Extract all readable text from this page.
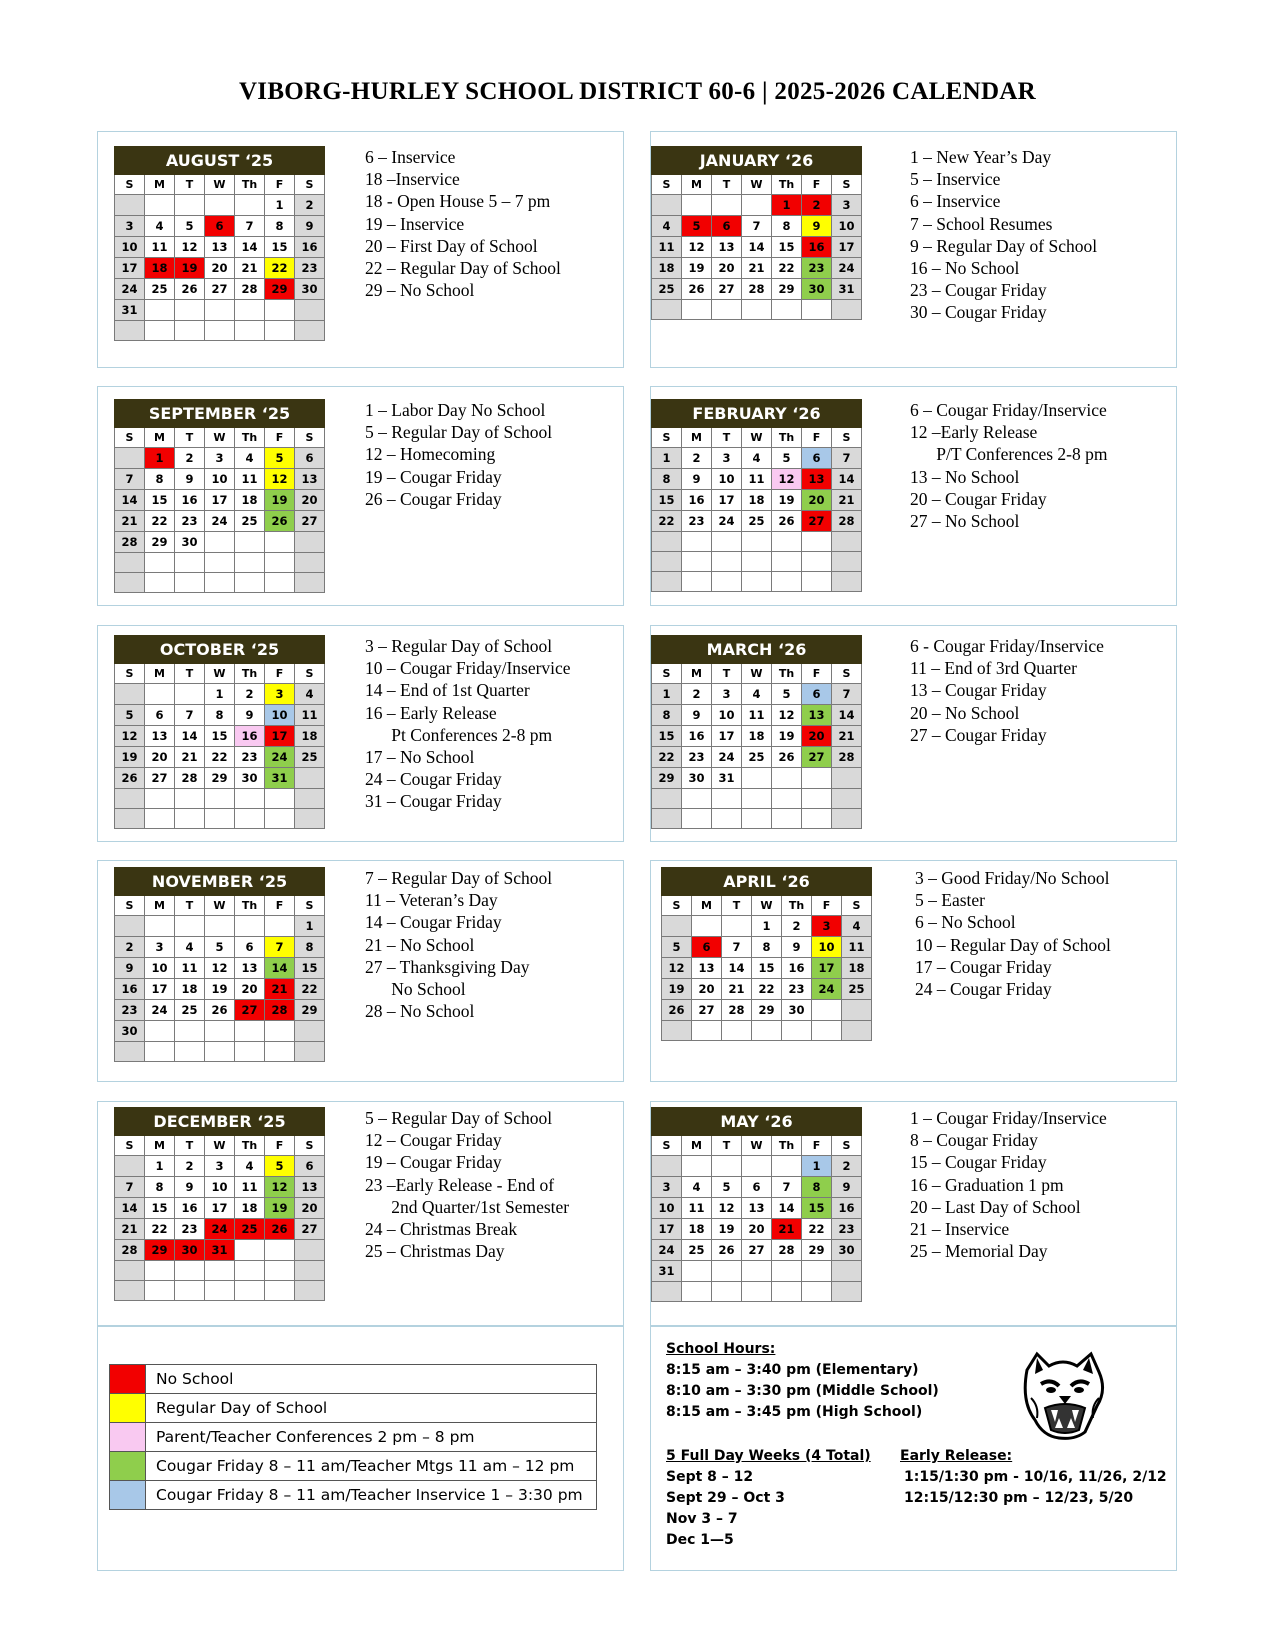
VIBORG-HURLEY SCHOOL DISTRICT 60-6 | 2025-2026 CALENDAR
AUGUST ‘25						
S	M	T	W	Th	F	S
					1	2
3	4	5	6	7	8	9
10	11	12	13	14	15	16
17	18	19	20	21	22	23
24	25	26	27	28	29	30
31						

6 – Inservice
18 –Inservice
18 - Open House 5 – 7 pm
19 – Inservice
20 – First Day of School
22 – Regular Day of School
29 – No School
JANUARY ‘26						
S	M	T	W	Th	F	S
				1	2	3
4	5	6	7	8	9	10
11	12	13	14	15	16	17
18	19	20	21	22	23	24
25	26	27	28	29	30	31

1 – New Year’s Day
5 – Inservice
6 – Inservice
7 – School Resumes
9 – Regular Day of School
16 – No School
23 – Cougar Friday
30 – Cougar Friday
SEPTEMBER ‘25						
S	M	T	W	Th	F	S
	1	2	3	4	5	6
7	8	9	10	11	12	13
14	15	16	17	18	19	20
21	22	23	24	25	26	27
28	29	30				

1 – Labor Day No School
5 – Regular Day of School
12 – Homecoming
19 – Cougar Friday
26 – Cougar Friday
FEBRUARY ‘26						
S	M	T	W	Th	F	S
1	2	3	4	5	6	7
8	9	10	11	12	13	14
15	16	17	18	19	20	21
22	23	24	25	26	27	28

6 – Cougar Friday/Inservice
12 –Early Release
P/T Conferences 2-8 pm
13 – No School
20 – Cougar Friday
27 – No School
OCTOBER ‘25						
S	M	T	W	Th	F	S
			1	2	3	4
5	6	7	8	9	10	11
12	13	14	15	16	17	18
19	20	21	22	23	24	25
26	27	28	29	30	31	

3 – Regular Day of School
10 – Cougar Friday/Inservice
14 – End of 1st Quarter
16 – Early Release
Pt Conferences 2-8 pm
17 – No School
24 – Cougar Friday
31 – Cougar Friday
MARCH ‘26						
S	M	T	W	Th	F	S
1	2	3	4	5	6	7
8	9	10	11	12	13	14
15	16	17	18	19	20	21
22	23	24	25	26	27	28
29	30	31				

6 - Cougar Friday/Inservice
11 – End of 3rd Quarter
13 – Cougar Friday
20 – No School
27 – Cougar Friday
NOVEMBER ‘25						
S	M	T	W	Th	F	S
						1
2	3	4	5	6	7	8
9	10	11	12	13	14	15
16	17	18	19	20	21	22
23	24	25	26	27	28	29
30						

7 – Regular Day of School
11 – Veteran’s Day
14 – Cougar Friday
21 – No School
27 – Thanksgiving Day
No School
28 – No School
APRIL ‘26						
S	M	T	W	Th	F	S
			1	2	3	4
5	6	7	8	9	10	11
12	13	14	15	16	17	18
19	20	21	22	23	24	25
26	27	28	29	30		

3 – Good Friday/No School
5 – Easter
6 – No School
10 – Regular Day of School
17 – Cougar Friday
24 – Cougar Friday
DECEMBER ‘25						
S	M	T	W	Th	F	S
	1	2	3	4	5	6
7	8	9	10	11	12	13
14	15	16	17	18	19	20
21	22	23	24	25	26	27
28	29	30	31			

5 – Regular Day of School
12 – Cougar Friday
19 – Cougar Friday
23 –Early Release - End of
2nd Quarter/1st Semester
24 – Christmas Break
25 – Christmas Day
MAY ‘26						
S	M	T	W	Th	F	S
					1	2
3	4	5	6	7	8	9
10	11	12	13	14	15	16
17	18	19	20	21	22	23
24	25	26	27	28	29	30
31						

1 – Cougar Friday/Inservice
8 – Cougar Friday
15 – Cougar Friday
16 – Graduation 1 pm
20 – Last Day of School
21 – Inservice
25 – Memorial Day
	No School
	Regular Day of School
	Parent/Teacher Conferences 2 pm – 8 pm
	Cougar Friday 8 – 11 am/Teacher Mtgs 11 am – 12 pm
	Cougar Friday 8 – 11 am/Teacher Inservice 1 – 3:30 pm
School Hours:
8:15 am – 3:40 pm (Elementary)
8:10 am – 3:30 pm (Middle School)
8:15 am – 3:45 pm (High School)
5 Full Day Weeks (4 Total)
Sept 8 – 12
Sept 29 – Oct 3
Nov 3 – 7
Dec 1—5
Early Release:
1:15/1:30 pm - 10/16, 11/26, 2/12
12:15/12:30 pm – 12/23, 5/20
